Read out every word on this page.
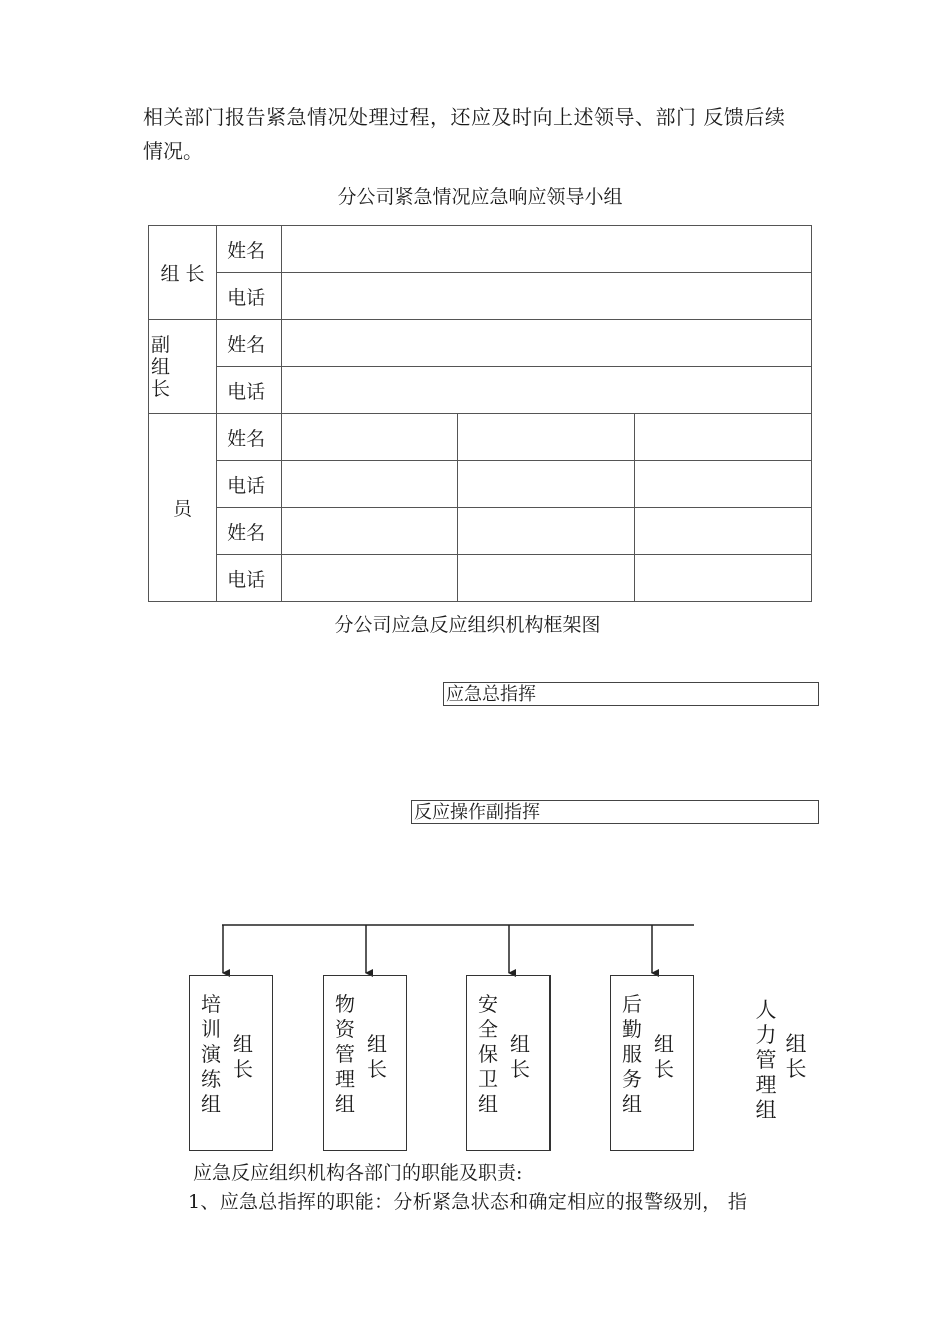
相关部门报告紧急情况处理过程，还应及时向上述领导、部门 反馈后续
情况。
分公司紧急情况应急响应领导小组
组 长	姓名			
	电话			

副
组
长	姓名			
	电话			
员	姓名			
	电话			
	姓名			
	电话			
分公司应急反应组织机构框架图
应急总指挥
反应操作副指挥
培
训
演
练
组
组
长
物
资
管
理
组
组
长
安
全
保
卫
组
组
长
后
勤
服
务
组
组
长
人
力
管
理
组
组
长
应急反应组织机构各部门的职能及职责:
1、应急总指挥的职能：分析紧急状态和确定相应的报警级别， 指
